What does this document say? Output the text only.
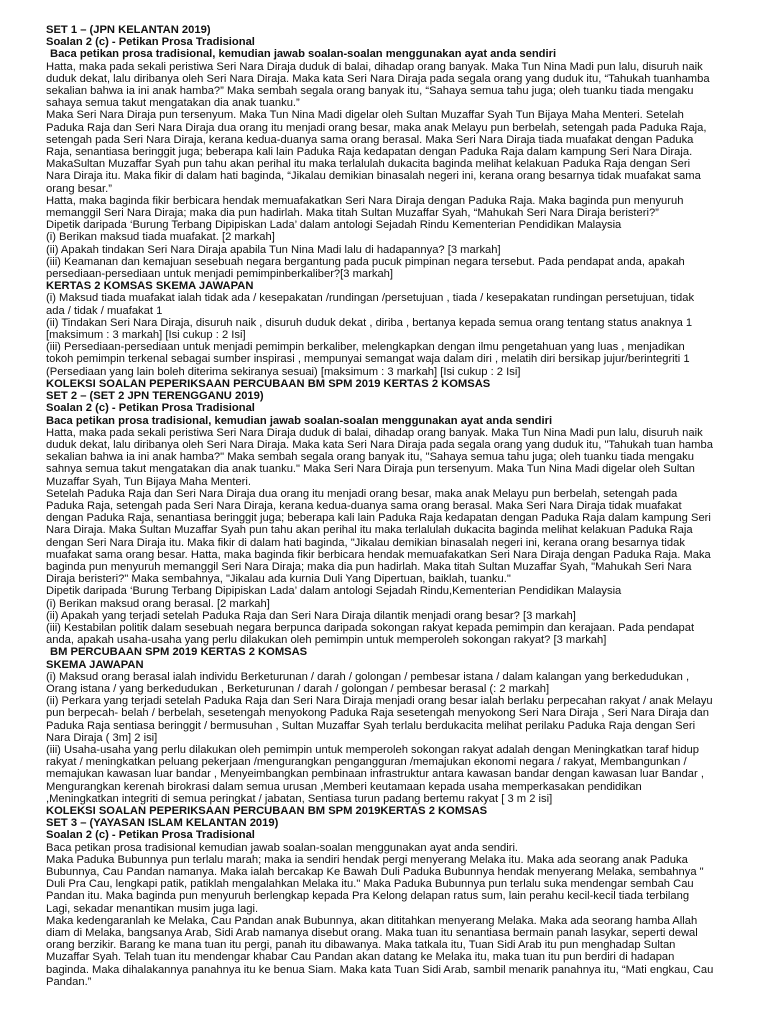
SET 1 – (JPN KELANTAN 2019)
Soalan 2 (c) - Petikan Prosa Tradisional
Baca petikan prosa tradisional, kemudian jawab soalan-soalan menggunakan ayat anda sendiri
Hatta, maka pada sekali peristiwa Seri Nara Diraja duduk di balai, dihadap orang banyak. Maka Tun Nina Madi pun lalu, disuruh naik
duduk dekat, lalu diribanya oleh Seri Nara Diraja. Maka kata Seri Nara Diraja pada segala orang yang duduk itu, “Tahukah tuanhamba
sekalian bahwa ia ini anak hamba?” Maka sembah segala orang banyak itu, “Sahaya semua tahu juga; oleh tuanku tiada mengaku
sahaya semua takut mengatakan dia anak tuanku.”
Maka Seri Nara Diraja pun tersenyum. Maka Tun Nina Madi digelar oleh Sultan Muzaffar Syah Tun Bijaya Maha Menteri. Setelah
Paduka Raja dan Seri Nara Diraja dua orang itu menjadi orang besar, maka anak Melayu pun berbelah, setengah pada Paduka Raja,
setengah pada Seri Nara Diraja, kerana kedua-duanya sama orang berasal. Maka Seri Nara Diraja tiada muafakat dengan Paduka
Raja, senantiasa beringgit juga; beberapa kali lain Paduka Raja kedapatan dengan Paduka Raja dalam kampung Seri Nara Diraja.
MakaSultan Muzaffar Syah pun tahu akan perihal itu maka terlalulah dukacita baginda melihat kelakuan Paduka Raja dengan Seri
Nara Diraja itu. Maka fikir di dalam hati baginda, “Jikalau demikian binasalah negeri ini, kerana orang besarnya tidak muafakat sama
orang besar.”
Hatta, maka baginda fikir berbicara hendak memuafakatkan Seri Nara Diraja dengan Paduka Raja. Maka baginda pun menyuruh
memanggil Seri Nara Diraja; maka dia pun hadirlah. Maka titah Sultan Muzaffar Syah, “Mahukah Seri Nara Diraja beristeri?”
Dipetik daripada ‘Burung Terbang Dipipiskan Lada’ dalam antologi Sejadah Rindu Kementerian Pendidikan Malaysia
(i) Berikan maksud tiada muafakat. [2 markah]
(ii) Apakah tindakan Seri Nara Diraja apabila Tun Nina Madi lalu di hadapannya? [3 markah]
(iii) Keamanan dan kemajuan sesebuah negara bergantung pada pucuk pimpinan negara tersebut. Pada pendapat anda, apakah
persediaan-persediaan untuk menjadi pemimpinberkaliber?[3 markah]
KERTAS 2 KOMSAS SKEMA JAWAPAN
(i) Maksud tiada muafakat ialah tidak ada / kesepakatan /rundingan /persetujuan , tiada / kesepakatan rundingan persetujuan, tidak
ada / tidak / muafakat 1
(ii) Tindakan Seri Nara Diraja, disuruh naik , disuruh duduk dekat , diriba , bertanya kepada semua orang tentang status anaknya 1
[maksimum : 3 markah] [Isi cukup : 2 Isi]
(iii) Persediaan-persediaan untuk menjadi pemimpin berkaliber, melengkapkan dengan ilmu pengetahuan yang luas , menjadikan
tokoh pemimpin terkenal sebagai sumber inspirasi , mempunyai semangat waja dalam diri , melatih diri bersikap jujur/berintegriti 1
(Persediaan yang lain boleh diterima sekiranya sesuai) [maksimum : 3 markah] [Isi cukup : 2 Isi]
KOLEKSI SOALAN PEPERIKSAAN PERCUBAAN BM SPM 2019 KERTAS 2 KOMSAS
SET 2 – (SET 2 JPN TERENGGANU 2019)
Soalan 2 (c) - Petikan Prosa Tradisional
Baca petikan prosa tradisional, kemudian jawab soalan-soalan menggunakan ayat anda sendiri
Hatta, maka pada sekali peristiwa Seri Nara Diraja duduk di balai, dihadap orang banyak. Maka Tun Nina Madi pun lalu, disuruh naik
duduk dekat, lalu diribanya oleh Seri Nara Diraja. Maka kata Seri Nara Diraja pada segala orang yang duduk itu, "Tahukah tuan hamba
sekalian bahwa ia ini anak hamba?" Maka sembah segala orang banyak itu, "Sahaya semua tahu juga; oleh tuanku tiada mengaku
sahnya semua takut mengatakan dia anak tuanku." Maka Seri Nara Diraja pun tersenyum. Maka Tun Nina Madi digelar oleh Sultan
Muzaffar Syah, Tun Bijaya Maha Menteri.
Setelah Paduka Raja dan Seri Nara Diraja dua orang itu menjadi orang besar, maka anak Melayu pun berbelah, setengah pada
Paduka Raja, setengah pada Seri Nara Diraja, kerana kedua-duanya sama orang berasal. Maka Seri Nara Diraja tidak muafakat
dengan Paduka Raja, senantiasa beringgit juga; beberapa kali lain Paduka Raja kedapatan dengan Paduka Raja dalam kampung Seri
Nara Diraja. Maka Sultan Muzaffar Syah pun tahu akan perihal itu maka terlalulah dukacita baginda melihat kelakuan Paduka Raja
dengan Seri Nara Diraja itu. Maka fikir di dalam hati baginda, "Jikalau demikian binasalah negeri ini, kerana orang besarnya tidak
muafakat sama orang besar. Hatta, maka baginda fikir berbicara hendak memuafakatkan Seri Nara Diraja dengan Paduka Raja. Maka
baginda pun menyuruh memanggil Seri Nara Diraja; maka dia pun hadirlah. Maka titah Sultan Muzaffar Syah, "Mahukah Seri Nara
Diraja beristeri?" Maka sembahnya, "Jikalau ada kurnia Duli Yang Dipertuan, baiklah, tuanku."
Dipetik daripada ‘Burung Terbang Dipipiskan Lada’ dalam antologi Sejadah Rindu,Kementerian Pendidikan Malaysia
(i) Berikan maksud orang berasal. [2 markah]
(ii) Apakah yang terjadi setelah Paduka Raja dan Seri Nara Diraja dilantik menjadi orang besar? [3 markah]
(iii) Kestabilan politik dalam sesebuah negara berpunca daripada sokongan rakyat kepada pemimpin dan kerajaan. Pada pendapat
anda, apakah usaha-usaha yang perlu dilakukan oleh pemimpin untuk memperoleh sokongan rakyat? [3 markah]
BM PERCUBAAN SPM 2019 KERTAS 2 KOMSAS
SKEMA JAWAPAN
(i) Maksud orang berasal ialah individu Berketurunan / darah / golongan / pembesar istana / dalam kalangan yang berkedudukan ,
Orang istana / yang berkedudukan , Berketurunan / darah / golongan / pembesar berasal (: 2 markah]
(ii) Perkara yang terjadi setelah Paduka Raja dan Seri Nara Diraja menjadi orang besar ialah berlaku perpecahan rakyat / anak Melayu
pun berpecah- belah / berbelah, sesetengah menyokong Paduka Raja sesetengah menyokong Seri Nara Diraja , Seri Nara Diraja dan
Paduka Raja sentiasa beringgit / bermusuhan , Sultan Muzaffar Syah terlalu berdukacita melihat perilaku Paduka Raja dengan Seri
Nara Diraja ( 3m] 2 isi]
(iii) Usaha-usaha yang perlu dilakukan oleh pemimpin untuk memperoleh sokongan rakyat adalah dengan Meningkatkan taraf hidup
rakyat / meningkatkan peluang pekerjaan /mengurangkan pengangguran /memajukan ekonomi negara / rakyat, Membangunkan /
memajukan kawasan luar bandar , Menyeimbangkan pembinaan infrastruktur antara kawasan bandar dengan kawasan luar Bandar ,
Mengurangkan kerenah birokrasi dalam semua urusan ,Memberi keutamaan kepada usaha memperkasakan pendidikan
,Meningkatkan integriti di semua peringkat / jabatan, Sentiasa turun padang bertemu rakyat [ 3 m 2 isi]
KOLEKSI SOALAN PEPERIKSAAN PERCUBAAN BM SPM 2019KERTAS 2 KOMSAS
SET 3 – (YAYASAN ISLAM KELANTAN 2019)
Soalan 2 (c) - Petikan Prosa Tradisional
Baca petikan prosa tradisional kemudian jawab soalan-soalan menggunakan ayat anda sendiri.
Maka Paduka Bubunnya pun terlalu marah; maka ia sendiri hendak pergi menyerang Melaka itu. Maka ada seorang anak Paduka
Bubunnya, Cau Pandan namanya. Maka ialah bercakap Ke Bawah Duli Paduka Bubunnya hendak menyerang Melaka, sembahnya "
Duli Pra Cau, lengkapi patik, patiklah mengalahkan Melaka itu." Maka Paduka Bubunnya pun terlalu suka mendengar sembah Cau
Pandan itu. Maka baginda pun menyuruh berlengkap kepada Pra Kelong delapan ratus sum, lain perahu kecil-kecil tiada terbilang
Lagi, sekadar menantikan musim juga lagi.
Maka kedengaranlah ke Melaka, Cau Pandan anak Bubunnya, akan dititahkan menyerang Melaka. Maka ada seorang hamba Allah
diam di Melaka, bangsanya Arab, Sidi Arab namanya disebut orang. Maka tuan itu senantiasa bermain panah lasykar, seperti dewal
orang berzikir. Barang ke mana tuan itu pergi, panah itu dibawanya. Maka tatkala itu, Tuan Sidi Arab itu pun menghadap Sultan
Muzaffar Syah. Telah tuan itu mendengar khabar Cau Pandan akan datang ke Melaka itu, maka tuan itu pun berdiri di hadapan
baginda. Maka dihalakannya panahnya itu ke benua Siam. Maka kata Tuan Sidi Arab, sambil menarik panahnya itu, “Mati engkau, Cau
Pandan.”
